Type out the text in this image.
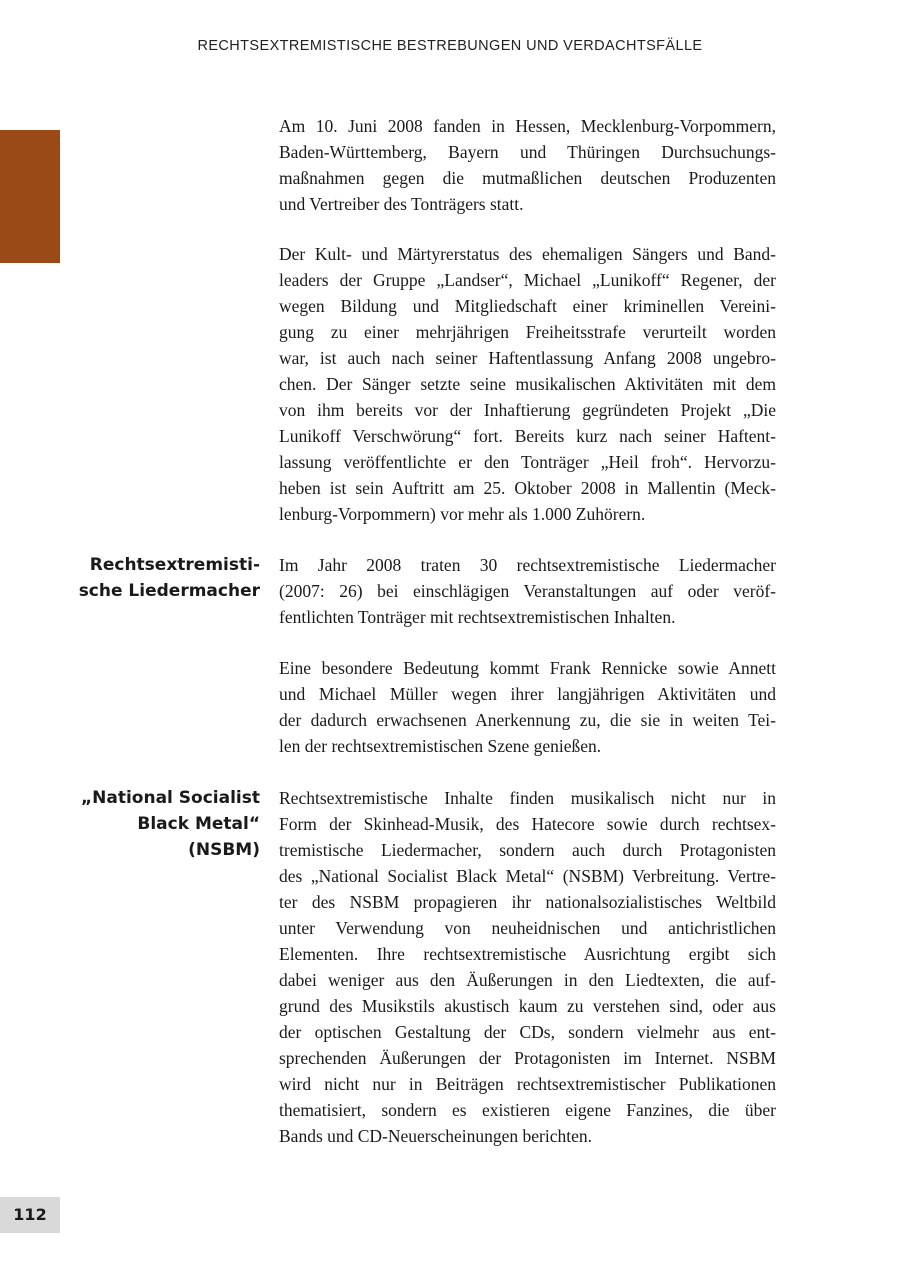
RECHTSEXTREMISTISCHE BESTREBUNGEN UND VERDACHTSFÄLLE

Am 10. Juni 2008 fanden in Hessen, Mecklenburg-Vorpommern,
Baden-Württemberg, Bayern und Thüringen Durchsuchungs-
maßnahmen gegen die mutmaßlichen deutschen Produzenten
und Vertreiber des Tonträgers statt.

Der Kult- und Märtyrerstatus des ehemaligen Sängers und Band-
leaders der Gruppe „Landser“, Michael „Lunikoff“ Regener, der
wegen Bildung und Mitgliedschaft einer kriminellen Vereini-
gung zu einer mehrjährigen Freiheitsstrafe verurteilt worden
war, ist auch nach seiner Haftentlassung Anfang 2008 ungebro-
chen. Der Sänger setzte seine musikalischen Aktivitäten mit dem
von ihm bereits vor der Inhaftierung gegründeten Projekt „Die
Lunikoff Verschwörung“ fort. Bereits kurz nach seiner Haftent-
lassung veröffentlichte er den Tonträger „Heil froh“. Hervorzu-
heben ist sein Auftritt am 25. Oktober 2008 in Mallentin (Meck-
lenburg-Vorpommern) vor mehr als 1.000 Zuhörern.

Rechtsextremisti-
sche Liedermacher

Im Jahr 2008 traten 30 rechtsextremistische Liedermacher
(2007: 26) bei einschlägigen Veranstaltungen auf oder veröf-
fentlichten Tonträger mit rechtsextremistischen Inhalten.

Eine besondere Bedeutung kommt Frank Rennicke sowie Annett
und Michael Müller wegen ihrer langjährigen Aktivitäten und
der dadurch erwachsenen Anerkennung zu, die sie in weiten Tei-
len der rechtsextremistischen Szene genießen.

„National Socialist
Black Metal“
(NSBM)

Rechtsextremistische Inhalte finden musikalisch nicht nur in
Form der Skinhead-Musik, des Hatecore sowie durch rechtsex-
tremistische Liedermacher, sondern auch durch Protagonisten
des „National Socialist Black Metal“ (NSBM) Verbreitung. Vertre-
ter des NSBM propagieren ihr nationalsozialistisches Weltbild
unter Verwendung von neuheidnischen und antichristlichen
Elementen. Ihre rechtsextremistische Ausrichtung ergibt sich
dabei weniger aus den Äußerungen in den Liedtexten, die auf-
grund des Musikstils akustisch kaum zu verstehen sind, oder aus
der optischen Gestaltung der CDs, sondern vielmehr aus ent-
sprechenden Äußerungen der Protagonisten im Internet. NSBM
wird nicht nur in Beiträgen rechtsextremistischer Publikationen
thematisiert, sondern es existieren eigene Fanzines, die über
Bands und CD-Neuerscheinungen berichten.

112
